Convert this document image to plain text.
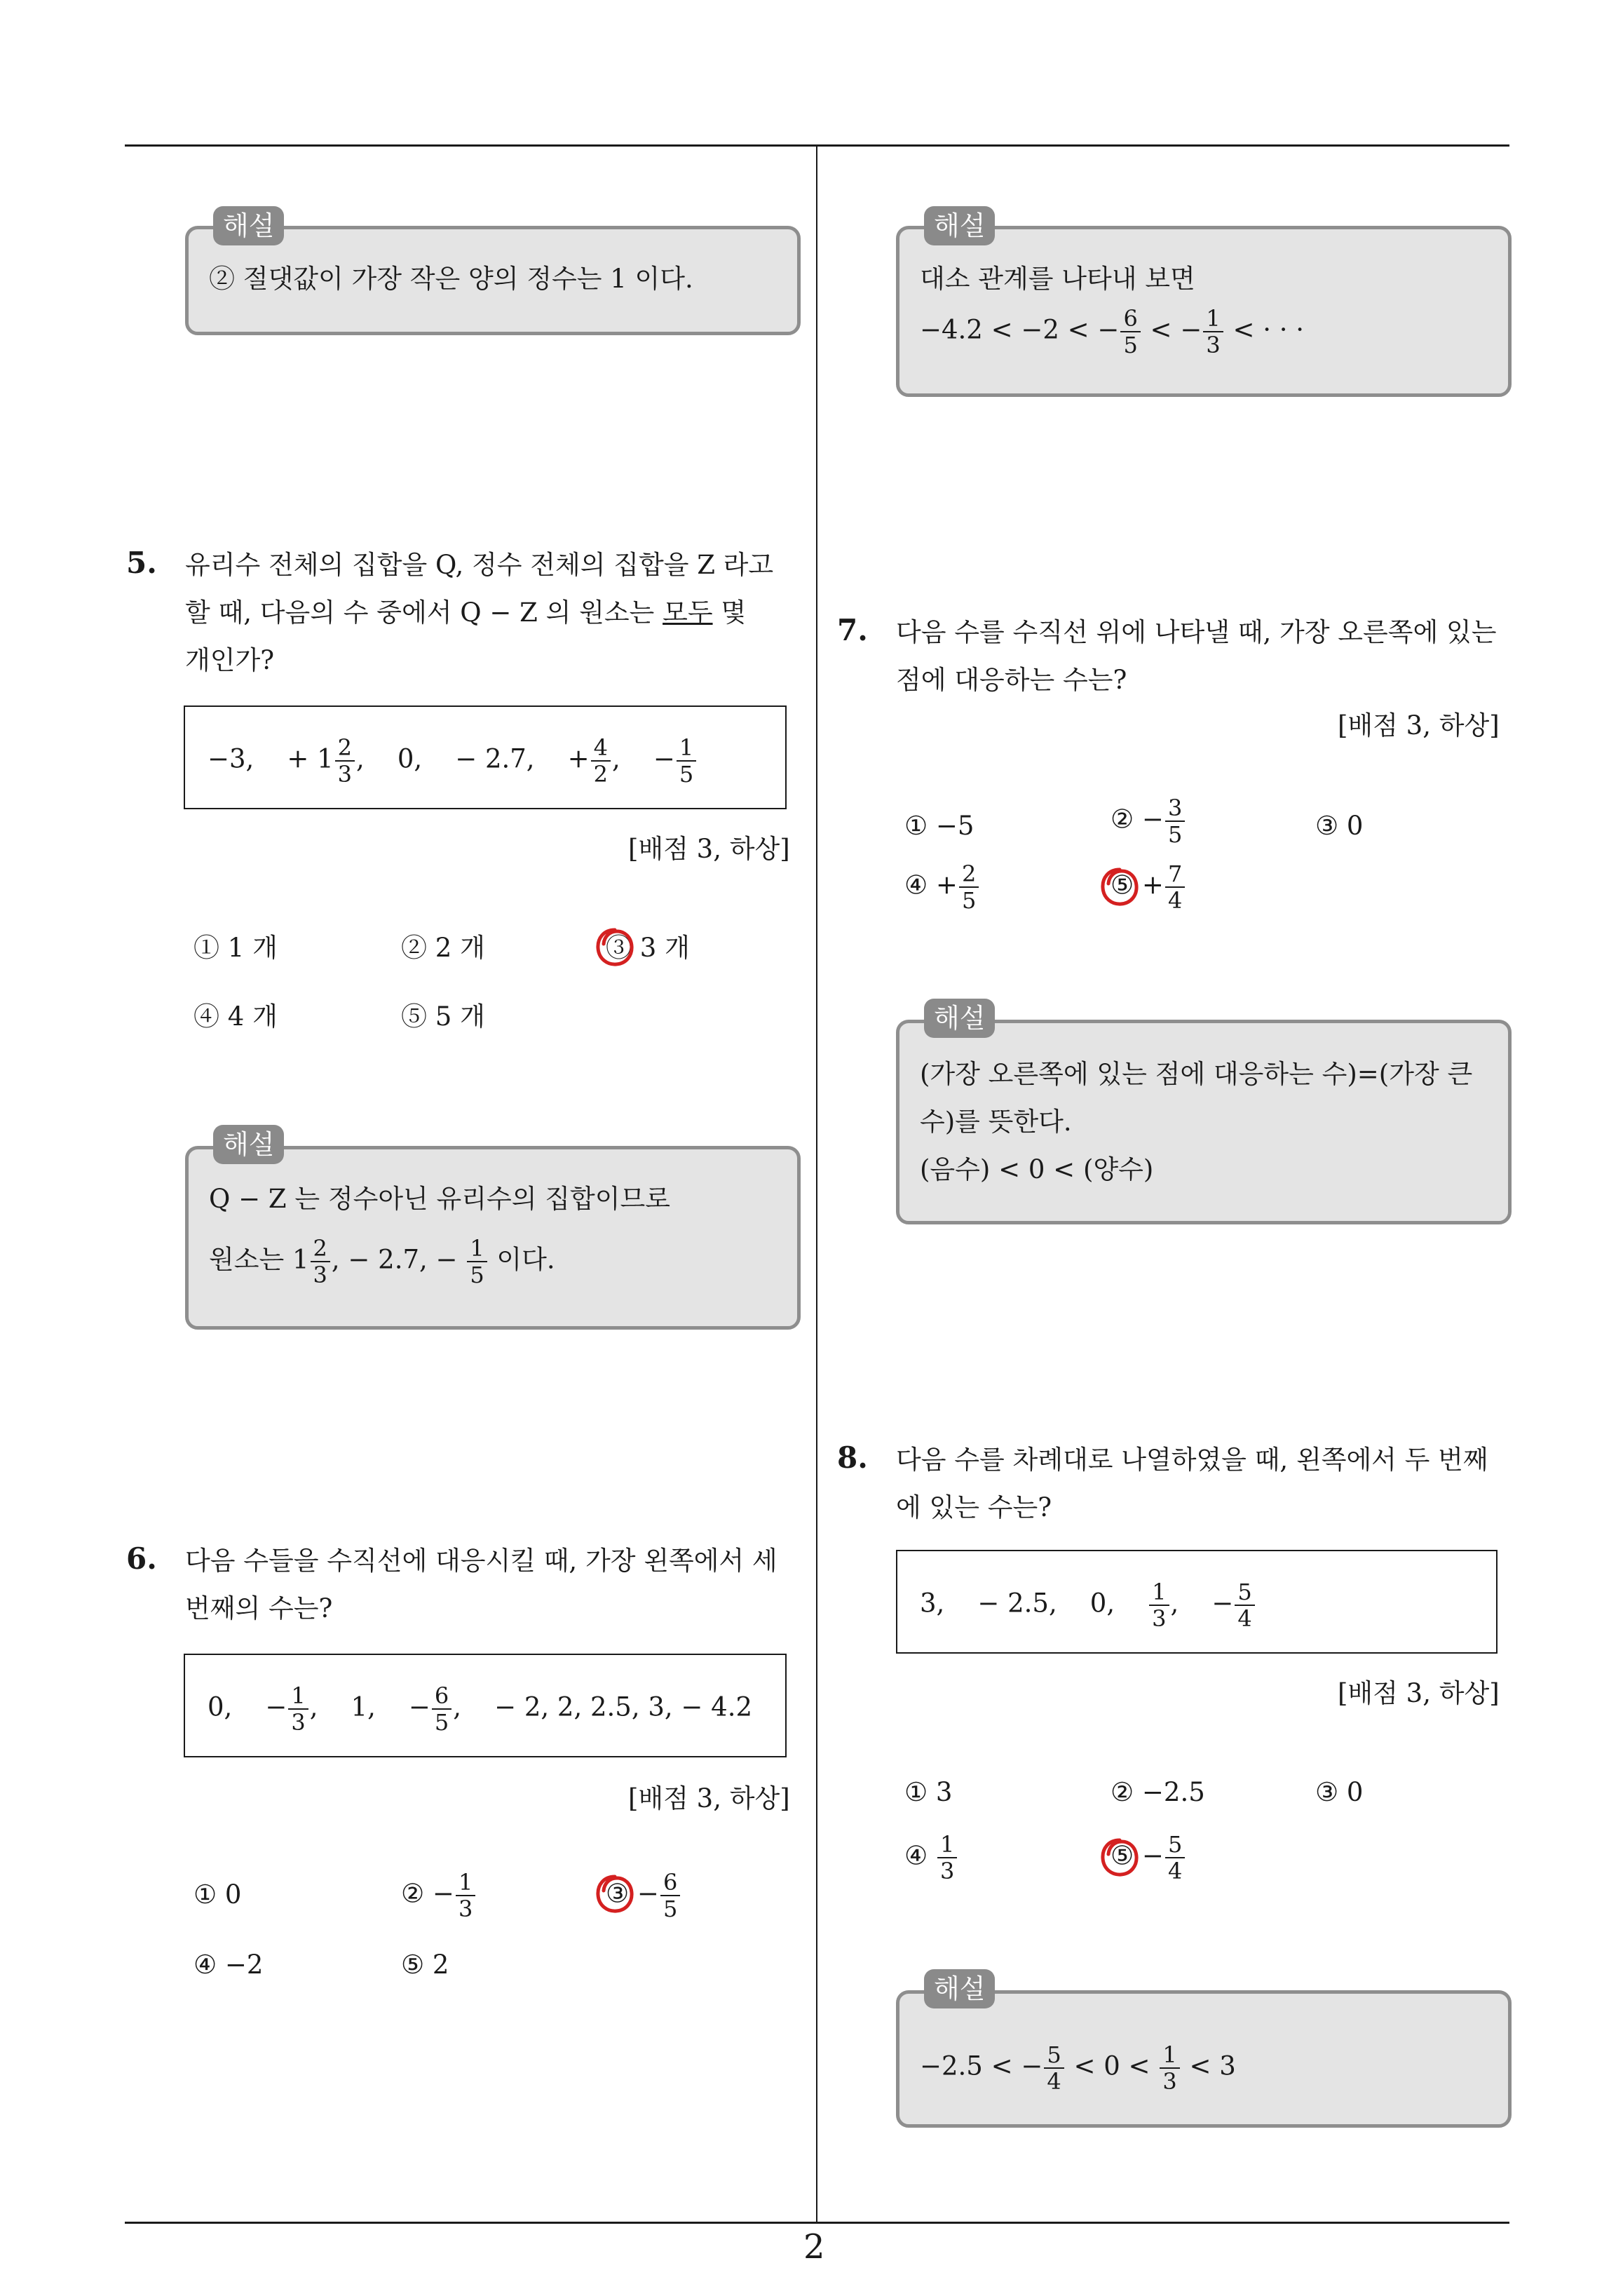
해설
② 절댓값이 가장 작은 양의 정수는 1 이다.
5. 유리수 전체의 집합을 Q, 정수 전체의 집합을 Z 라고
할 때, 다음의 수 중에서 Q − Z 의 원소는 모두 몇
개인가?
−3, + $1 \frac{2}{3}$ , 0, − 2.7, + $\frac{4}{2}$ , − $\frac{1}{5}$
[배점 3, 하상]
① 1 개	② 2 개	③ 3 개
④ 4 개	⑤ 5 개
해설
Q − Z 는 정수아닌 유리수의 집합이므로
원소는 $1 \frac{2}{3}$ , − 2.7, − $\frac{1}{5}$ 이다.
6. 다음 수들을 수직선에 대응시킬 때, 가장 왼쪽에서 세
번째의 수는?
0, − $\frac{1}{3}$ , 1, − $\frac{6}{5}$ , − 2, 2, 2.5, 3, − 4.2
[배점 3, 하상]
① 0	② − $\frac{1}{3}$	③ − $\frac{6}{5}$
④ −2	⑤ 2
해설
대소 관계를 나타내 보면
−4.2 < −2 < − $\frac{6}{5}$ < − $\frac{1}{3}$ < · · ·
7. 다음 수를 수직선 위에 나타낼 때, 가장 오른쪽에 있는
점에 대응하는 수는?
[배점 3, 하상]
① −5	② − $\frac{3}{5}$	③ 0
④ + $\frac{2}{5}$	⑤ + $\frac{7}{4}$
해설
(가장 오른쪽에 있는 점에 대응하는 수)=(가장 큰
수)를 뜻한다.
(음수) < 0 < (양수)
8. 다음 수를 차례대로 나열하였을 때, 왼쪽에서 두 번째
에 있는 수는?
3, − 2.5, 0, $\frac{1}{3}$ , − $\frac{5}{4}$
[배점 3, 하상]
① 3	② −2.5	③ 0
④ $\frac{1}{3}$	⑤ − $\frac{5}{4}$
해설
−2.5 < − $\frac{5}{4} < 0 < \frac{1}{3} < 3$
2
